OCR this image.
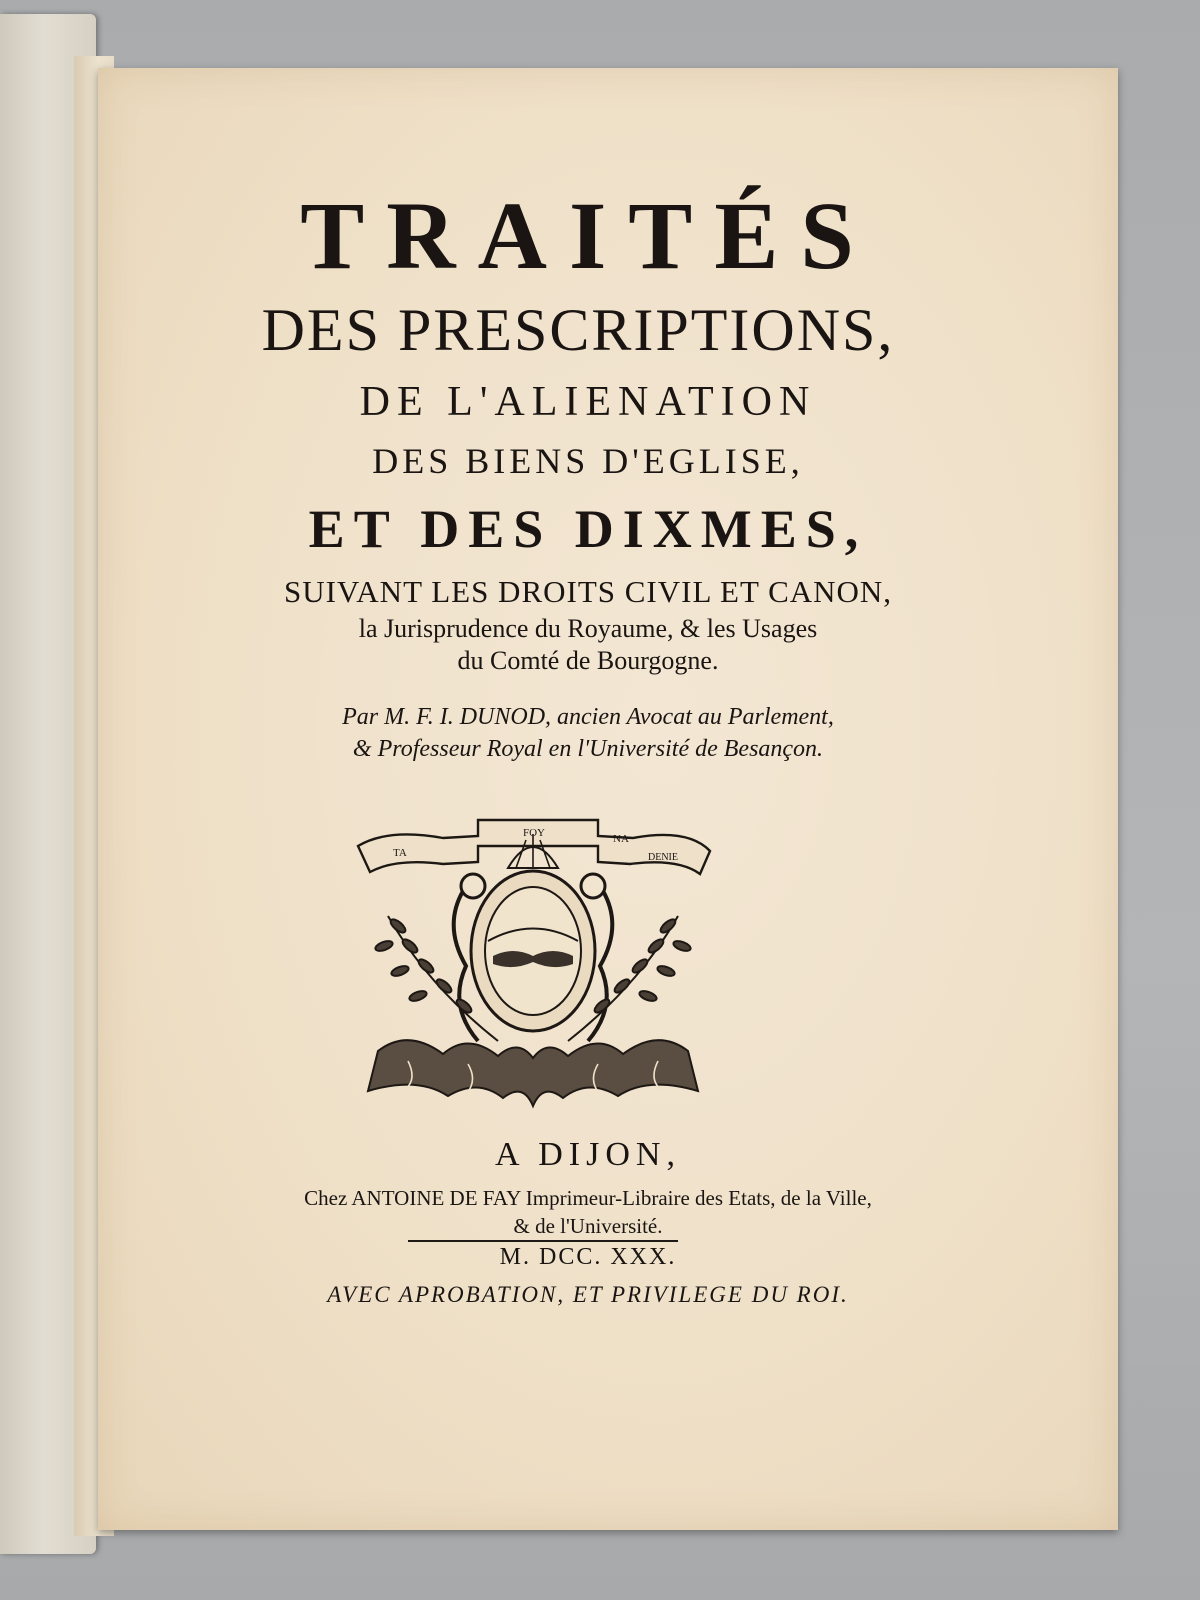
TRAITÉS
DES PRESCRIPTIONS,
DE L'ALIENATION
DES BIENS D'EGLISE,
ET DES DIXMES,
SUIVANT LES DROITS CIVIL ET CANON,
la Jurisprudence du Royaume, & les Usages
du Comté de Bourgogne.
Par M. F. I. DUNOD, ancien Avocat au Parlement,
& Professeur Royal en l'Université de Besançon.
TA
FOY	NA
DENIE
A DIJON,
Chez ANTOINE DE FAY Imprimeur-Libraire des Etats, de la Ville,
& de l'Université.
M. DCC. XXX.
AVEC APROBATION, ET PRIVILEGE DU ROI.
